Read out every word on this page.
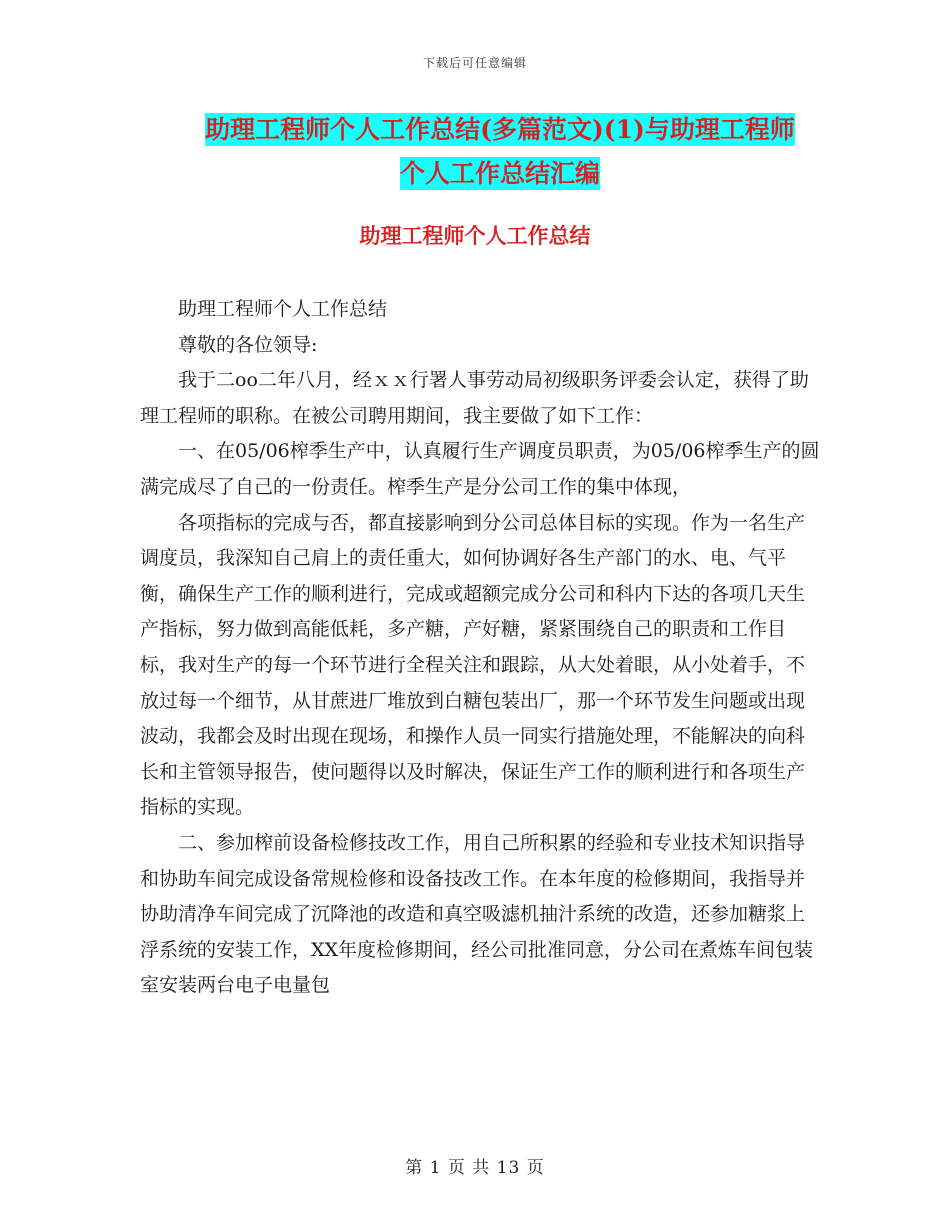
下载后可任意编辑
助理工程师个人工作总结(多篇范文)(1)与助理工程师
个人工作总结汇编
助理工程师个人工作总结

助理工程师个人工作总结

尊敬的各位领导:

我于二oo二年八月，经ｘｘ行署人事劳动局初级职务评委会认定，获得了助理工程师的职称。在被公司聘用期间，我主要做了如下工作：

一、在05/06榨季生产中，认真履行生产调度员职责，为05/06榨季生产的圆满完成尽了自己的一份责任。榨季生产是分公司工作的集中体现，

各项指标的完成与否，都直接影响到分公司总体目标的实现。作为一名生产调度员，我深知自己肩上的责任重大，如何协调好各生产部门的水、电、气平衡，确保生产工作的顺利进行，完成或超额完成分公司和科内下达的各项几天生产指标，努力做到高能低耗，多产糖，产好糖，紧紧围绕自己的职责和工作目标，我对生产的每一个环节进行全程关注和跟踪，从大处着眼，从小处着手，不放过每一个细节，从甘蔗进厂堆放到白糖包装出厂，那一个环节发生问题或出现波动，我都会及时出现在现场，和操作人员一同实行措施处理，不能解决的向科长和主管领导报告，使问题得以及时解决，保证生产工作的顺利进行和各项生产指标的实现。

二、参加榨前设备检修技改工作，用自己所积累的经验和专业技术知识指导和协助车间完成设备常规检修和设备技改工作。在本年度的检修期间，我指导并协助清净车间完成了沉降池的改造和真空吸滤机抽汁系统的改造，还参加糖浆上浮系统的安装工作，XX年度检修期间，经公司批准同意，分公司在煮炼车间包装室安装两台电子电量包

第 1 页 共 13 页
